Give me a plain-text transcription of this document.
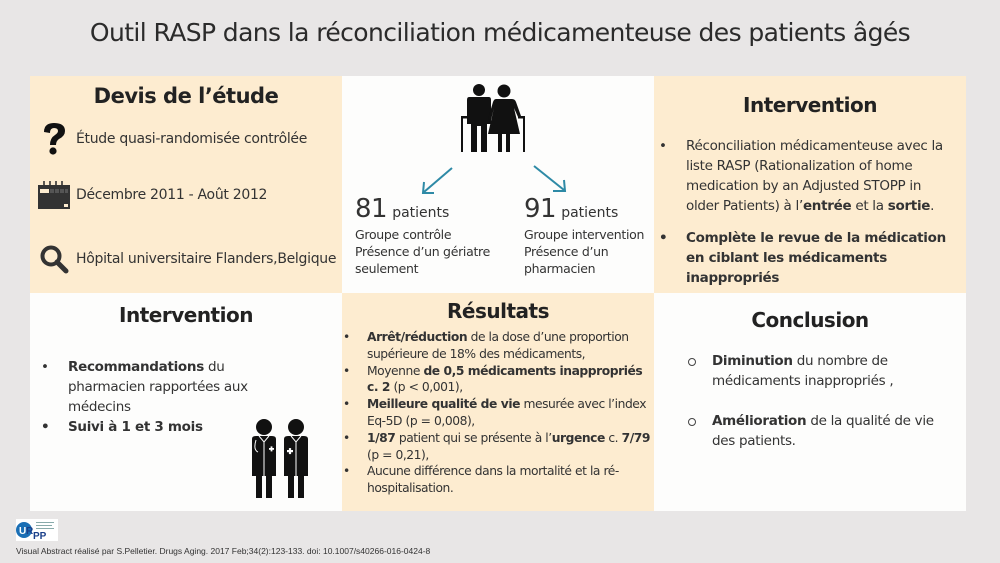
Outil RASP dans la réconciliation médicamenteuse des patients âgés
Devis de l’étude
Étude quasi-randomisée contrôlée
Décembre 2011 - Août 2012
Hôpital universitaire Flanders,Belgique
81 patients
Groupe contrôle
Présence d’un gériatre
seulement
91 patients
Groupe intervention
Présence d’un
pharmacien
Intervention
• Réconciliation médicamenteuse avec la liste RASP (Rationalization of home medication by an Adjusted STOPP in older Patients) à l’entrée et la sortie.
• Complète le revue de la médication en ciblant les médicaments inappropriés
Intervention
• Recommandations du pharmacien rapportées aux médecins
• Suivi à 1 et 3 mois
Résultats
• Arrêt/réduction de la dose d’une proportion supérieure de 18% des médicaments,
• Moyenne de 0,5 médicaments inappropriés c. 2 (p < 0,001),
• Meilleure qualité de vie mesurée avec l’index Eq-5D (p = 0,008),
• 1/87 patient qui se présente à l’urgence c. 7/79 (p = 0,21),
• Aucune différence dans la mortalité et la ré-hospitalisation.
Conclusion
Diminution du nombre de médicaments inappropriés ,
Amélioration de la qualité de vie des patients.
U R PP
Visual Abstract réalisé par S.Pelletier. Drugs Aging. 2017 Feb;34(2):123-133. doi: 10.1007/s40266-016-0424-8
